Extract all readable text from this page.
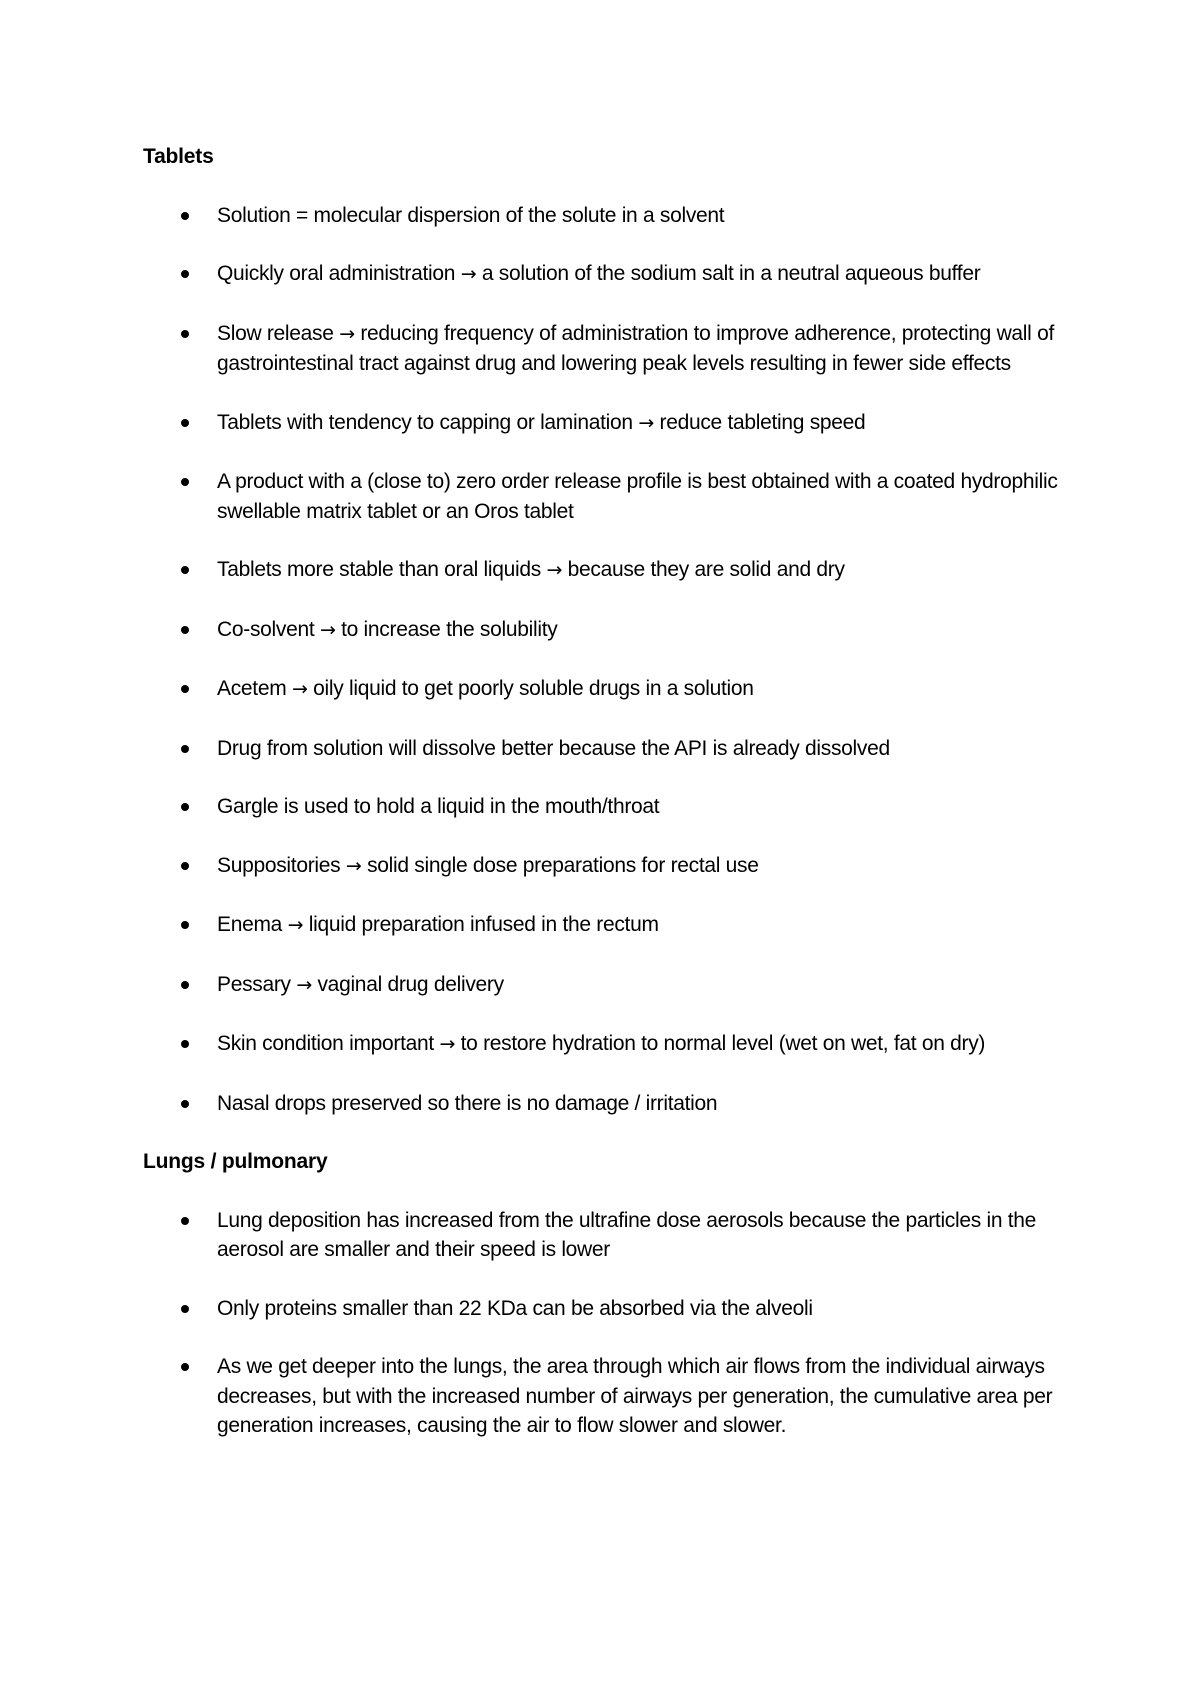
Tablets
Solution = molecular dispersion of the solute in a solvent
Quickly oral administration → a solution of the sodium salt in a neutral aqueous buffer
Slow release → reducing frequency of administration to improve adherence, protecting wall of gastrointestinal tract against drug and lowering peak levels resulting in fewer side effects
Tablets with tendency to capping or lamination → reduce tableting speed
A product with a (close to) zero order release profile is best obtained with a coated hydrophilic swellable matrix tablet or an Oros tablet
Tablets more stable than oral liquids → because they are solid and dry
Co-solvent → to increase the solubility
Acetem → oily liquid to get poorly soluble drugs in a solution
Drug from solution will dissolve better because the API is already dissolved
Gargle is used to hold a liquid in the mouth/throat
Suppositories → solid single dose preparations for rectal use
Enema → liquid preparation infused in the rectum
Pessary → vaginal drug delivery
Skin condition important → to restore hydration to normal level (wet on wet, fat on dry)
Nasal drops preserved so there is no damage / irritation
Lungs / pulmonary
Lung deposition has increased from the ultrafine dose aerosols because the particles in the aerosol are smaller and their speed is lower
Only proteins smaller than 22 KDa can be absorbed via the alveoli
As we get deeper into the lungs, the area through which air flows from the individual airways decreases, but with the increased number of airways per generation, the cumulative area per generation increases, causing the air to flow slower and slower.
